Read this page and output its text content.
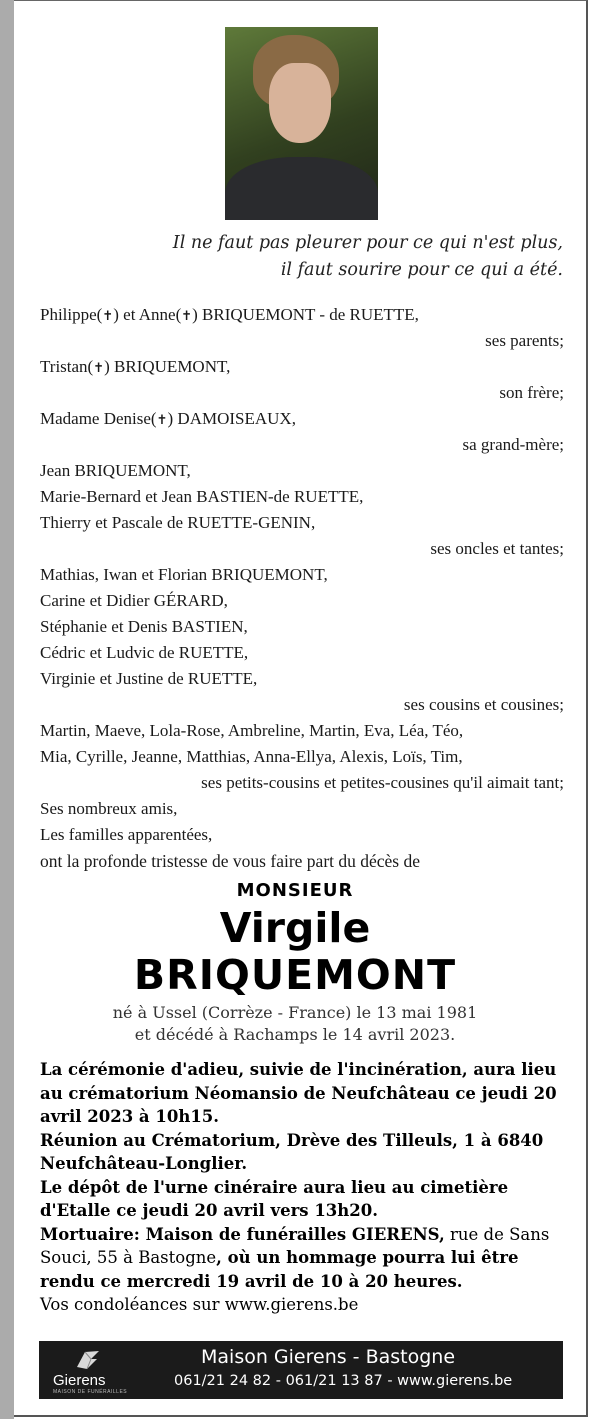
Il ne faut pas pleurer pour ce qui n'est plus,
il faut sourire pour ce qui a été.
Philippe(✝) et Anne(✝) BRIQUEMONT - de RUETTE,
ses parents;
Tristan(✝) BRIQUEMONT,
son frère;
Madame Denise(✝) DAMOISEAUX,
sa grand-mère;
Jean BRIQUEMONT,
Marie-Bernard et Jean BASTIEN-de RUETTE,
Thierry et Pascale de RUETTE-GENIN,
ses oncles et tantes;
Mathias, Iwan et Florian BRIQUEMONT,
Carine et Didier GÉRARD,
Stéphanie et Denis BASTIEN,
Cédric et Ludvic de RUETTE,
Virginie et Justine de RUETTE,
ses cousins et cousines;
Martin, Maeve, Lola-Rose, Ambreline, Martin, Eva, Léa, Téo,
Mia, Cyrille, Jeanne, Matthias, Anna-Ellya, Alexis, Loïs, Tim,
ses petits-cousins et petites-cousines qu'il aimait tant;
Ses nombreux amis,
Les familles apparentées,
ont la profonde tristesse de vous faire part du décès de
MONSIEUR
Virgile
BRIQUEMONT
né à Ussel (Corrèze - France) le 13 mai 1981
et décédé à Rachamps le 14 avril 2023.
La cérémonie d'adieu, suivie de l'incinération, aura lieu au crématorium Néomansio de Neufchâteau ce jeudi 20 avril 2023 à 10h15.
Réunion au Crématorium, Drève des Tilleuls, 1 à 6840 Neufchâteau-Longlier.
Le dépôt de l'urne cinéraire aura lieu au cimetière d'Etalle ce jeudi 20 avril vers 13h20.
Mortuaire: Maison de funérailles GIERENS, rue de Sans Souci, 55 à Bastogne, où un hommage pourra lui être rendu ce mercredi 19 avril de 10 à 20 heures.
Vos condoléances sur www.gierens.be
Gierens
MAISON DE FUNÉRAILLES
Maison Gierens - Bastogne
061/21 24 82 - 061/21 13 87 - www.gierens.be
